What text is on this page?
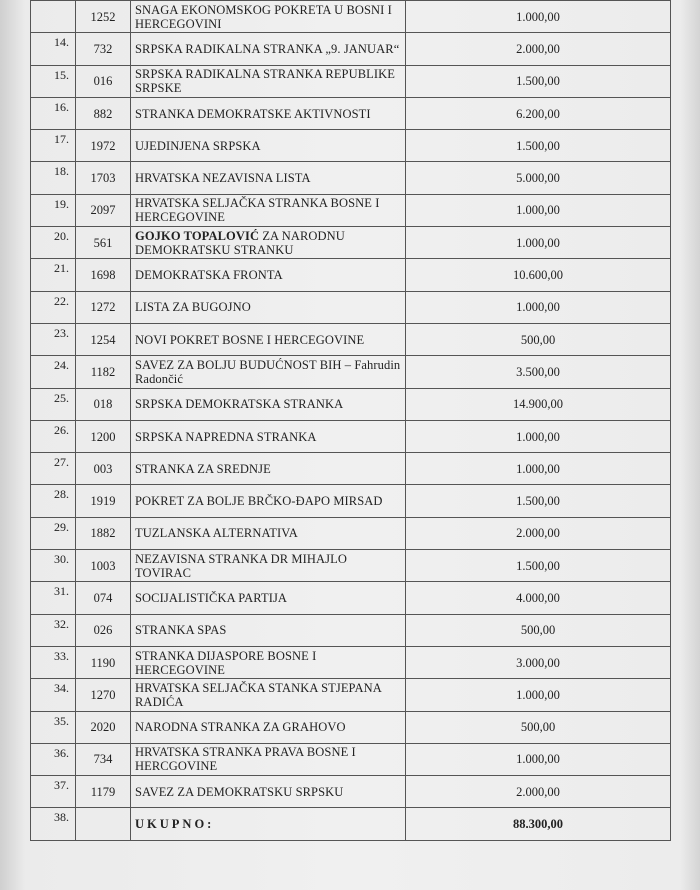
	1252	SNAGA EKONOMSKOG POKRETA U BOSNI I HERCEGOVINI	1.000,00
14.	732	SRPSKA RADIKALNA STRANKA „9. JANUAR“	2.000,00
15.	016	SRPSKA RADIKALNA STRANKA REPUBLIKE SRPSKE	1.500,00
16.	882	STRANKA DEMOKRATSKE AKTIVNOSTI	6.200,00
17.	1972	UJEDINJENA SRPSKA	1.500,00
18.	1703	HRVATSKA NEZAVISNA LISTA	5.000,00
19.	2097	HRVATSKA SELJAČKA STRANKA BOSNE I HERCEGOVINE	1.000,00
20.	561	GOJKO TOPALOVIĆ ZA NARODNU DEMOKRATSKU STRANKU	1.000,00
21.	1698	DEMOKRATSKA FRONTA	10.600,00
22.	1272	LISTA ZA BUGOJNO	1.000,00
23.	1254	NOVI POKRET BOSNE I HERCEGOVINE	500,00
24.	1182	SAVEZ ZA BOLJU BUDUĆNOST BIH – Fahrudin Radončić	3.500,00
25.	018	SRPSKA DEMOKRATSKA STRANKA	14.900,00
26.	1200	SRPSKA NAPREDNA STRANKA	1.000,00
27.	003	STRANKA ZA SREDNJE	1.000,00
28.	1919	POKRET ZA BOLJE BRČKO-ĐAPO MIRSAD	1.500,00
29.	1882	TUZLANSKA ALTERNATIVA	2.000,00
30.	1003	NEZAVISNA STRANKA DR MIHAJLO TOVIRAC	1.500,00
31.	074	SOCIJALISTIČKA PARTIJA	4.000,00
32.	026	STRANKA SPAS	500,00
33.	1190	STRANKA DIJASPORE BOSNE I HERCEGOVINE	3.000,00
34.	1270	HRVATSKA SELJAČKA STANKA STJEPANA RADIĆA	1.000,00
35.	2020	NARODNA STRANKA ZA GRAHOVO	500,00
36.	734	HRVATSKA STRANKA PRAVA BOSNE I HERCGOVINE	1.000,00
37.	1179	SAVEZ ZA DEMOKRATSKU SRPSKU	2.000,00
38.		UKUPNO:	88.300,00
